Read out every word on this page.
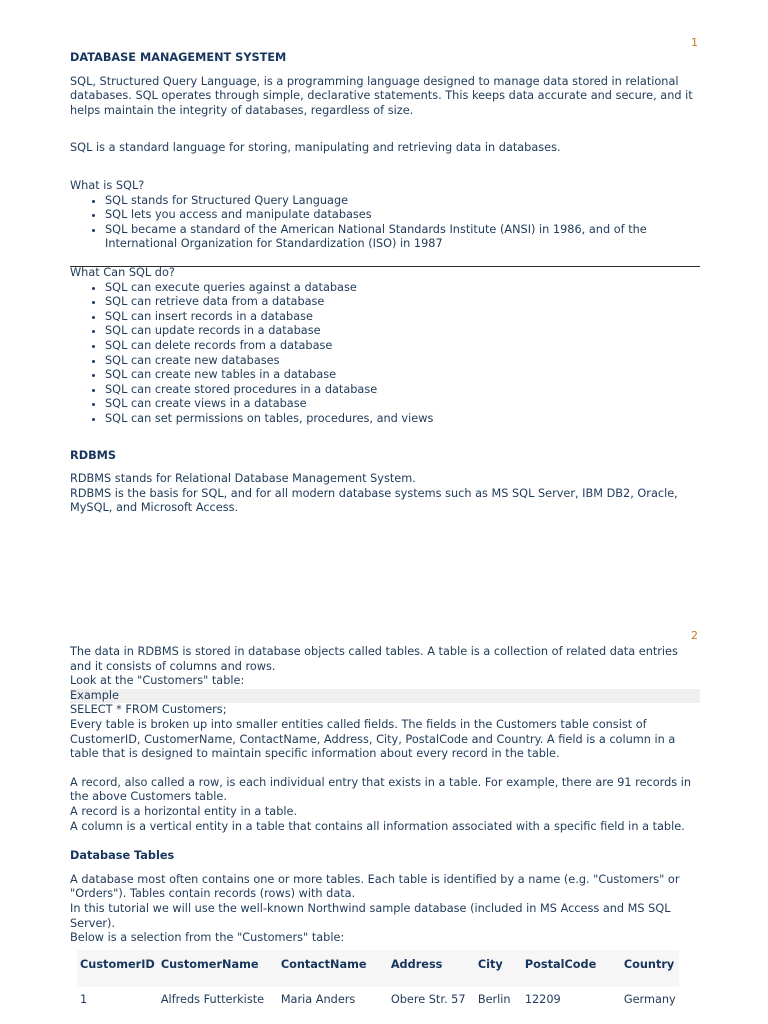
1

DATABASE MANAGEMENT SYSTEM

SQL, Structured Query Language, is a programming language designed to manage data stored in relational databases. SQL operates through simple, declarative statements. This keeps data accurate and secure, and it helps maintain the integrity of databases, regardless of size.

SQL is a standard language for storing, manipulating and retrieving data in databases.

What is SQL?

• SQL stands for Structured Query Language
• SQL lets you access and manipulate databases
• SQL became a standard of the American National Standards Institute (ANSI) in 1986, and of the International Organization for Standardization (ISO) in 1987

What Can SQL do?

• SQL can execute queries against a database
• SQL can retrieve data from a database
• SQL can insert records in a database
• SQL can update records in a database
• SQL can delete records from a database
• SQL can create new databases
• SQL can create new tables in a database
• SQL can create stored procedures in a database
• SQL can create views in a database
• SQL can set permissions on tables, procedures, and views

RDBMS

RDBMS stands for Relational Database Management System.

RDBMS is the basis for SQL, and for all modern database systems such as MS SQL Server, IBM DB2, Oracle, MySQL, and Microsoft Access.

2

The data in RDBMS is stored in database objects called tables. A table is a collection of related data entries and it consists of columns and rows.

Look at the "Customers" table:

Example

SELECT * FROM Customers;

Every table is broken up into smaller entities called fields. The fields in the Customers table consist of CustomerID, CustomerName, ContactName, Address, City, PostalCode and Country. A field is a column in a table that is designed to maintain specific information about every record in the table.

A record, also called a row, is each individual entry that exists in a table. For example, there are 91 records in the above Customers table.

A record is a horizontal entity in a table.

A column is a vertical entity in a table that contains all information associated with a specific field in a table.

Database Tables

A database most often contains one or more tables. Each table is identified by a name (e.g. "Customers" or "Orders"). Tables contain records (rows) with data.

In this tutorial we will use the well-known Northwind sample database (included in MS Access and MS SQL Server).

Below is a selection from the "Customers" table:

CustomerID	CustomerName	ContactName	Address	City	PostalCode	Country
1	Alfreds Futterkiste	Maria Anders	Obere Str. 57	Berlin	12209	Germany
